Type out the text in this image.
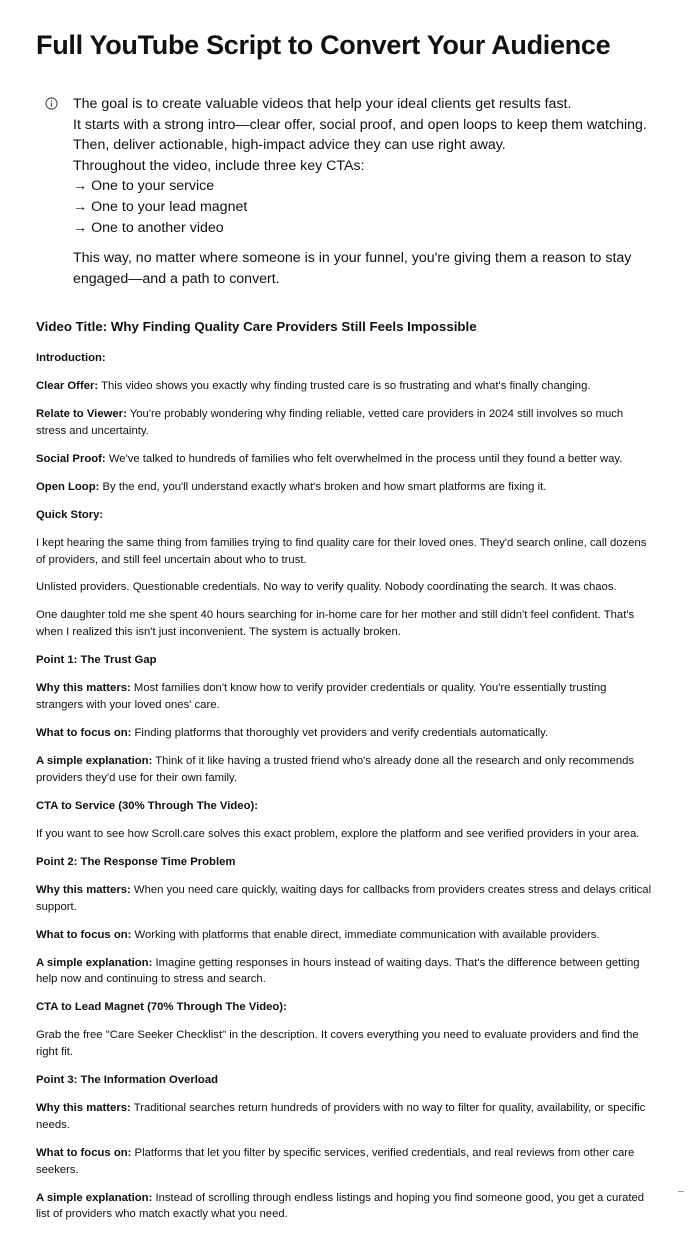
Full YouTube Script to Convert Your Audience
The goal is to create valuable videos that help your ideal clients get results fast.
It starts with a strong intro—clear offer, social proof, and open loops to keep them watching.
Then, deliver actionable, high-impact advice they can use right away.
Throughout the video, include three key CTAs:
→ One to your service
→ One to your lead magnet
→ One to another video
This way, no matter where someone is in your funnel, you're giving them a reason to stay engaged—and a path to convert.
Video Title: Why Finding Quality Care Providers Still Feels Impossible

Introduction:

Clear Offer: This video shows you exactly why finding trusted care is so frustrating and what's finally changing.

Relate to Viewer: You're probably wondering why finding reliable, vetted care providers in 2024 still involves so much stress and uncertainty.

Social Proof: We've talked to hundreds of families who felt overwhelmed in the process until they found a better way.

Open Loop: By the end, you'll understand exactly what's broken and how smart platforms are fixing it.

Quick Story:

I kept hearing the same thing from families trying to find quality care for their loved ones. They'd search online, call dozens of providers, and still feel uncertain about who to trust.

Unlisted providers. Questionable credentials. No way to verify quality. Nobody coordinating the search. It was chaos.

One daughter told me she spent 40 hours searching for in-home care for her mother and still didn't feel confident. That's when I realized this isn't just inconvenient. The system is actually broken.

Point 1: The Trust Gap

Why this matters: Most families don't know how to verify provider credentials or quality. You're essentially trusting strangers with your loved ones' care.

What to focus on: Finding platforms that thoroughly vet providers and verify credentials automatically.

A simple explanation: Think of it like having a trusted friend who's already done all the research and only recommends providers they'd use for their own family.

CTA to Service (30% Through The Video):

If you want to see how Scroll.care solves this exact problem, explore the platform and see verified providers in your area.

Point 2: The Response Time Problem

Why this matters: When you need care quickly, waiting days for callbacks from providers creates stress and delays critical support.

What to focus on: Working with platforms that enable direct, immediate communication with available providers.

A simple explanation: Imagine getting responses in hours instead of waiting days. That's the difference between getting help now and continuing to stress and search.

CTA to Lead Magnet (70% Through The Video):

Grab the free "Care Seeker Checklist" in the description. It covers everything you need to evaluate providers and find the right fit.

Point 3: The Information Overload

Why this matters: Traditional searches return hundreds of providers with no way to filter for quality, availability, or specific needs.

What to focus on: Platforms that let you filter by specific services, verified credentials, and real reviews from other care seekers.

A simple explanation: Instead of scrolling through endless listings and hoping you find someone good, you get a curated list of providers who match exactly what you need.
